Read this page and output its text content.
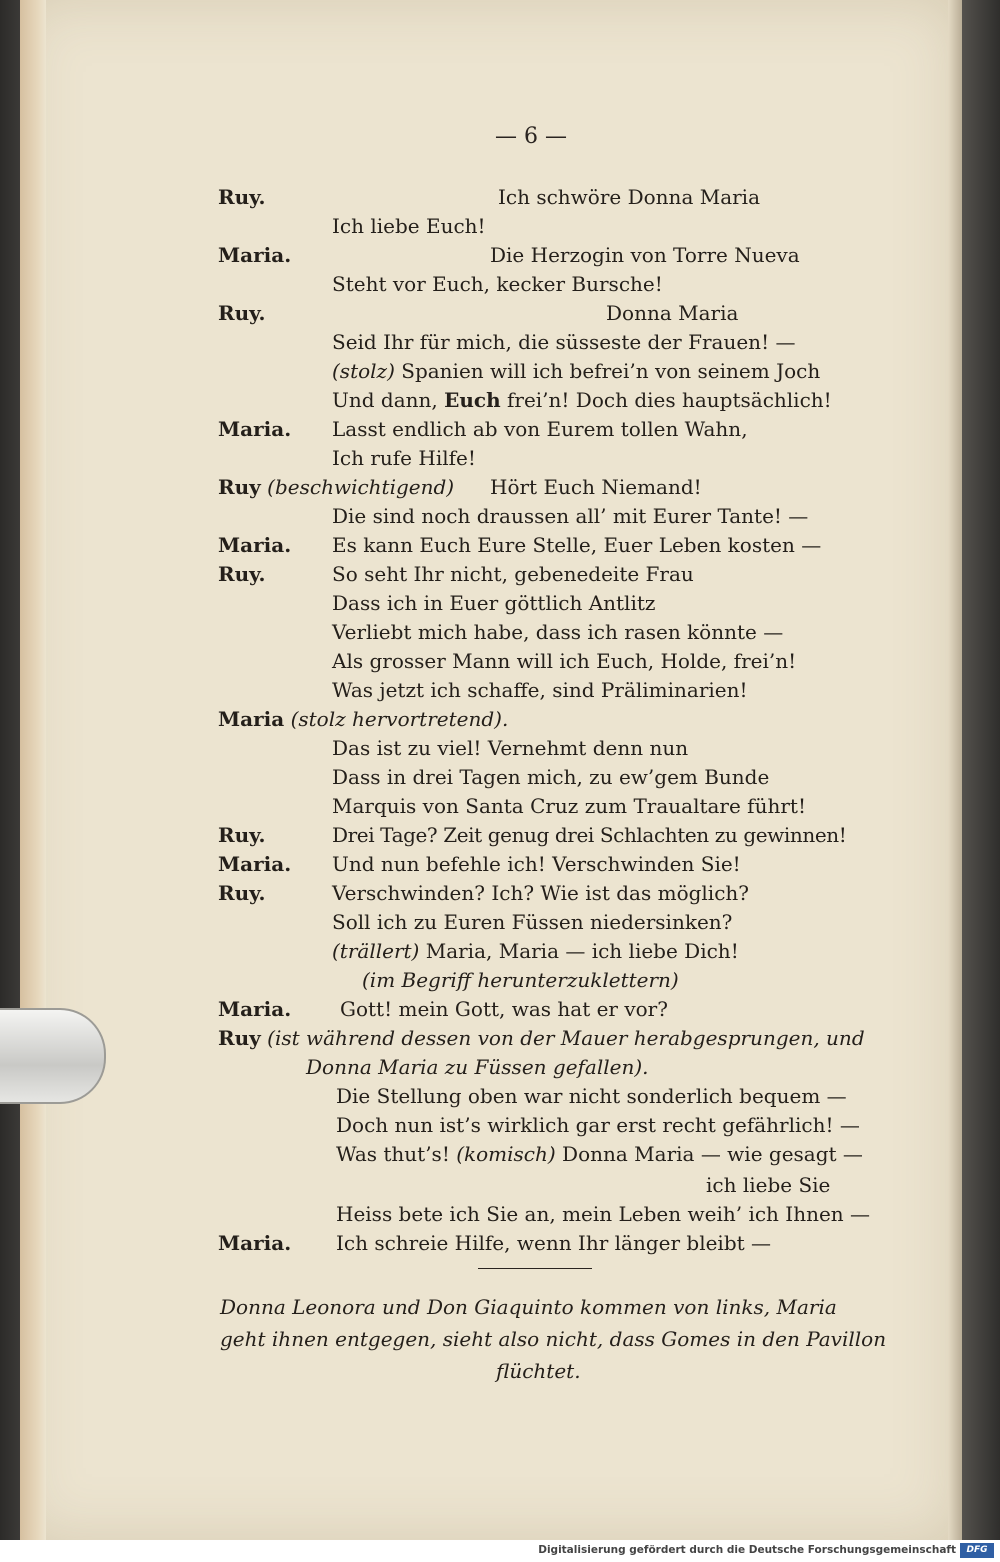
— 6 —
Ruy.	Ich schwöre Donna Maria
Ich liebe Euch!
Maria.	Die Herzogin von Torre Nueva
Steht vor Euch, kecker Bursche!
Ruy.	Donna Maria
Seid Ihr für mich, die süsseste der Frauen! —
(stolz) Spanien will ich befrei’n von seinem Joch
Und dann, Euch frei’n! Doch dies hauptsächlich!
Maria. Lasst endlich ab von Eurem tollen Wahn,
Ich rufe Hilfe!
Ruy (beschwichtigend) Hört Euch Niemand!
Die sind noch draussen all’ mit Eurer Tante! —
Maria. Es kann Euch Eure Stelle, Euer Leben kosten —
Ruy.	So seht Ihr nicht, gebenedeite Frau
Dass ich in Euer göttlich Antlitz
Verliebt mich habe, dass ich rasen könnte —
Als grosser Mann will ich Euch, Holde, frei’n!
Was jetzt ich schaffe, sind Präliminarien!
Maria (stolz hervortretend).
Das ist zu viel! Vernehmt denn nun
Dass in drei Tagen mich, zu ew’gem Bunde
Marquis von Santa Cruz zum Traualtare führt!
Ruy.	Drei Tage? Zeit genug drei Schlachten zu gewinnen!
Maria. Und nun befehle ich! Verschwinden Sie!
Ruy.	Verschwinden? Ich? Wie ist das möglich?
Soll ich zu Euren Füssen niedersinken?
(trällert) Maria, Maria — ich liebe Dich!
(im Begriff herunterzuklettern)
Maria. Gott! mein Gott, was hat er vor?
Ruy (ist während dessen von der Mauer herabgesprungen, und
Donna Maria zu Füssen gefallen).
Die Stellung oben war nicht sonderlich bequem —
Doch nun ist’s wirklich gar erst recht gefährlich! —
Was thut’s! (komisch) Donna Maria — wie gesagt —
ich liebe Sie
Heiss bete ich Sie an, mein Leben weih’ ich Ihnen —
Maria. Ich schreie Hilfe, wenn Ihr länger bleibt —
Donna Leonora und Don Giaquinto kommen von links, Maria
geht ihnen entgegen, sieht also nicht, dass Gomes in den Pavillon
flüchtet.
Digitalisierung gefördert durch die Deutsche Forschungsgemeinschaft	DFG
